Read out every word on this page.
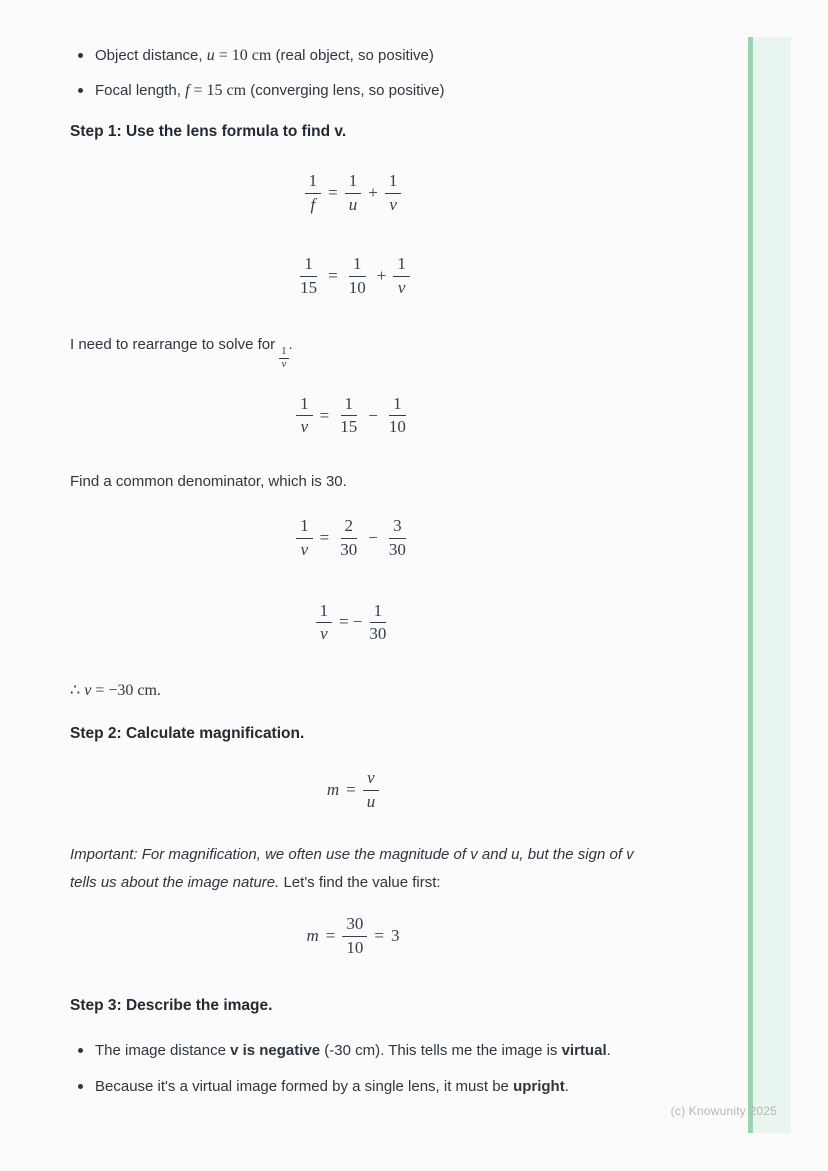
(c) Knowunity 2025
Object distance, u = 10 cm (real object, so positive)
Focal length, f = 15 cm (converging lens, so positive)
Step 1: Use the lens formula to find v.
$\frac{1}{f} = \frac{1}{u} + \frac{1}{v}$
$\frac{1}{15} = \frac{1}{10} + \frac{1}{v}$

I need to rearrange to solve for
$\frac{1}{v}$
.

$\frac{1}{v} = \frac{1}{15} - \frac{1}{10}$

Find a common denominator, which is 30.

$\frac{1}{v} = \frac{2}{30} - \frac{3}{30}$
$\frac{1}{v}$ = − $\frac{1}{30}$

∴ v = −30 cm.

Step 2: Calculate magnification.
$m = \frac{v}{u}$

Important: For magnification, we often use the magnitude of v and u, but the sign of v tells us about the image nature. Let's find the value first:

$m = \frac{30}{10} = 3$
Step 3: Describe the image.
The image distance v is negative (-30 cm). This tells me the image is virtual.
Because it's a virtual image formed by a single lens, it must be upright.
